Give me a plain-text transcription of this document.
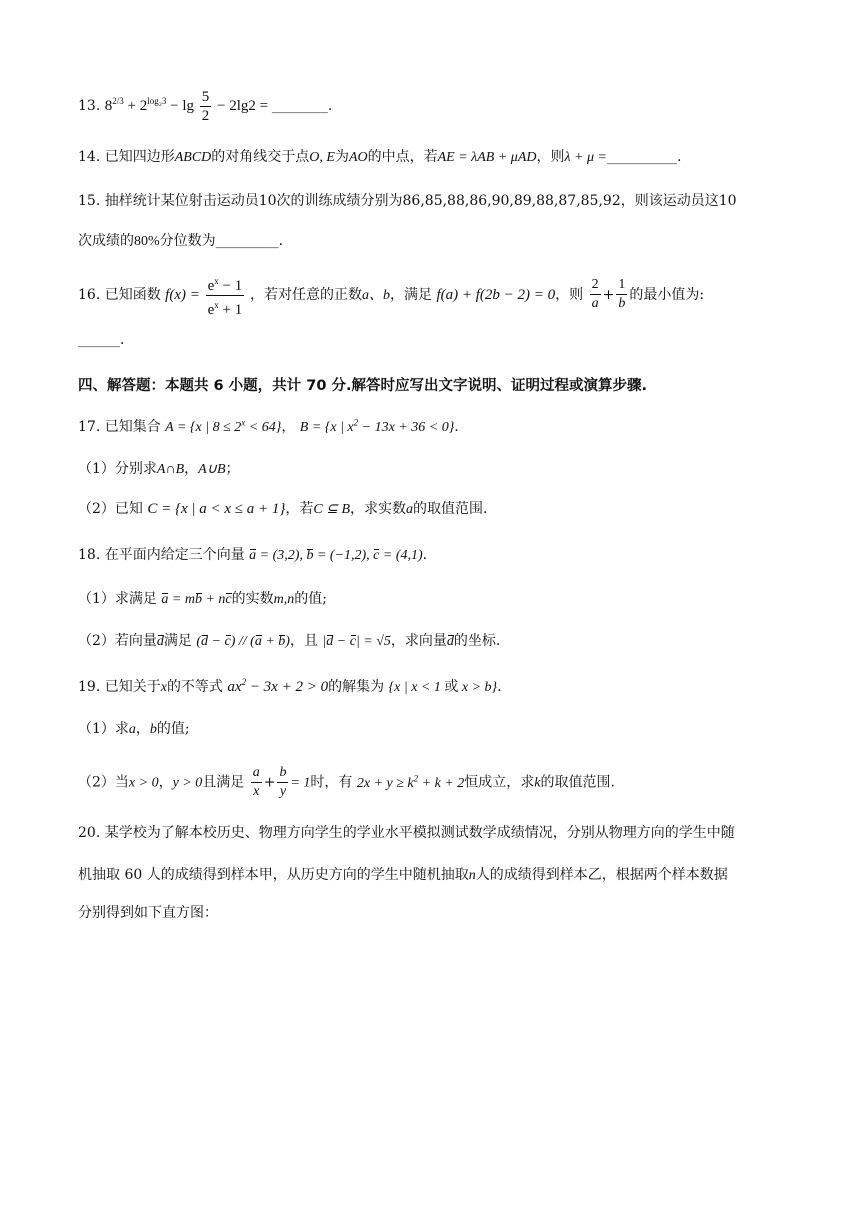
13. $8^{2/3} + 2^{log_23} - \lg \frac{5}{2} - 2\lg 2$ = ________.
14. 已知四边形ABCD的对角线交于点O, E为AO的中点，若AE = λAB + μAD，则λ + μ =__________.
15. 抽样统计某位射击运动员10次的训练成绩分别为86,85,88,86,90,89,88,87,85,92，则该运动员这10
次成绩的80%分位数为_________.
16. 已知函数 $f(x) = \frac{e^x - 1}{e^x + 1}$ ，若对任意的正数a、b，满足 f(a) + f(2b − 2) = 0，则 $\frac{2}{a} + \frac{1}{b}$ 的最小值为:
______.
四、解答题：本题共 6 小题，共计 70 分.解答时应写出文字说明、证明过程或演算步骤.
17. 已知集合 A = {x | $8 \le 2^x < 64$}， B = {x | $x^2 - 13x + 36 < 0$}.
（1）分别求A∩B，A∪B；
（2）已知 C = {x | a < x ≤ a + 1}，若C ⊆ B，求实数a的取值范围.
18. 在平面内给定三个向量 a = (3,2), b = (−1,2), c = (4,1).
（1）求满足 a = mb + nc的实数m,n的值;
（2）若向量d满足 (d − c) // (a + b)，且 |d − c| = √5，求向量d的坐标.
19. 已知关于x的不等式 $ax^2 - 3x + 2 > 0$的解集为 {x | x < 1 或 x > b}.
（1）求a，b的值;
（2）当x > 0，y > 0且满足 $\frac{a}{x} + \frac{b}{y} = 1$时，有 $2x + y \ge k^2 + k + 2$恒成立，求k的取值范围.
20. 某学校为了解本校历史、物理方向学生的学业水平模拟测试数学成绩情况，分别从物理方向的学生中随
机抽取 60 人的成绩得到样本甲，从历史方向的学生中随机抽取n人的成绩得到样本乙，根据两个样本数据
分别得到如下直方图：
